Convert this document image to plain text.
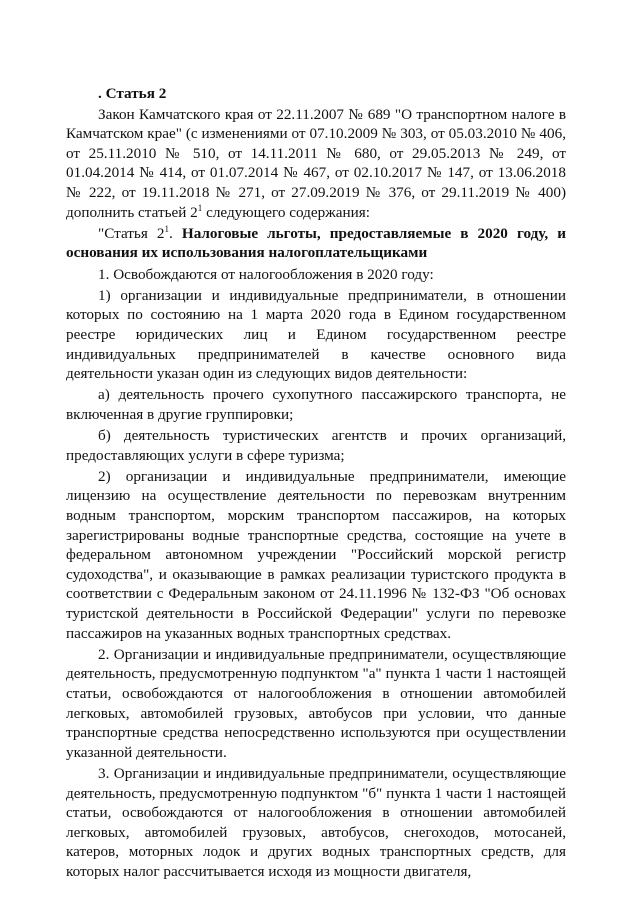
. Статья 2

Закон Камчатского края от 22.11.2007 № 689 "О транспортном налоге в Камчатском крае" (с изменениями от 07.10.2009 № 303, от 05.03.2010 № 406, от 25.11.2010 № 510, от 14.11.2011 № 680, от 29.05.2013 № 249, от 01.04.2014 № 414, от 01.07.2014 № 467, от 02.10.2017 № 147, от 13.06.2018 № 222, от 19.11.2018 № 271, от 27.09.2019 № 376, от 29.11.2019 № 400) дополнить статьей $2^1$ следующего содержания:

"Статья $2^1$. Налоговые льготы, предоставляемые в 2020 году, и основания их использования налогоплательщиками

1. Освобождаются от налогообложения в 2020 году:

1) организации и индивидуальные предприниматели, в отношении которых по состоянию на 1 марта 2020 года в Едином государственном реестре юридических лиц и Едином государственном реестре индивидуальных предпринимателей в качестве основного вида деятельности указан один из следующих видов деятельности:

а) деятельность прочего сухопутного пассажирского транспорта, не включенная в другие группировки;

б) деятельность туристических агентств и прочих организаций, предоставляющих услуги в сфере туризма;

2) организации и индивидуальные предприниматели, имеющие лицензию на осуществление деятельности по перевозкам внутренним водным транспортом, морским транспортом пассажиров, на которых зарегистрированы водные транспортные средства, состоящие на учете в федеральном автономном учреждении "Российский морской регистр судоходства", и оказывающие в рамках реализации туристского продукта в соответствии с Федеральным законом от 24.11.1996 № 132-ФЗ "Об основах туристской деятельности в Российской Федерации" услуги по перевозке пассажиров на указанных водных транспортных средствах.

2. Организации и индивидуальные предприниматели, осуществляющие деятельность, предусмотренную подпунктом "а" пункта 1 части 1 настоящей статьи, освобождаются от налогообложения в отношении автомобилей легковых, автомобилей грузовых, автобусов при условии, что данные транспортные средства непосредственно используются при осуществлении указанной деятельности.

3. Организации и индивидуальные предприниматели, осуществляющие деятельность, предусмотренную подпунктом "б" пункта 1 части 1 настоящей статьи, освобождаются от налогообложения в отношении автомобилей легковых, автомобилей грузовых, автобусов, снегоходов, мотосаней, катеров, моторных лодок и других водных транспортных средств, для которых налог рассчитывается исходя из мощности двигателя,
